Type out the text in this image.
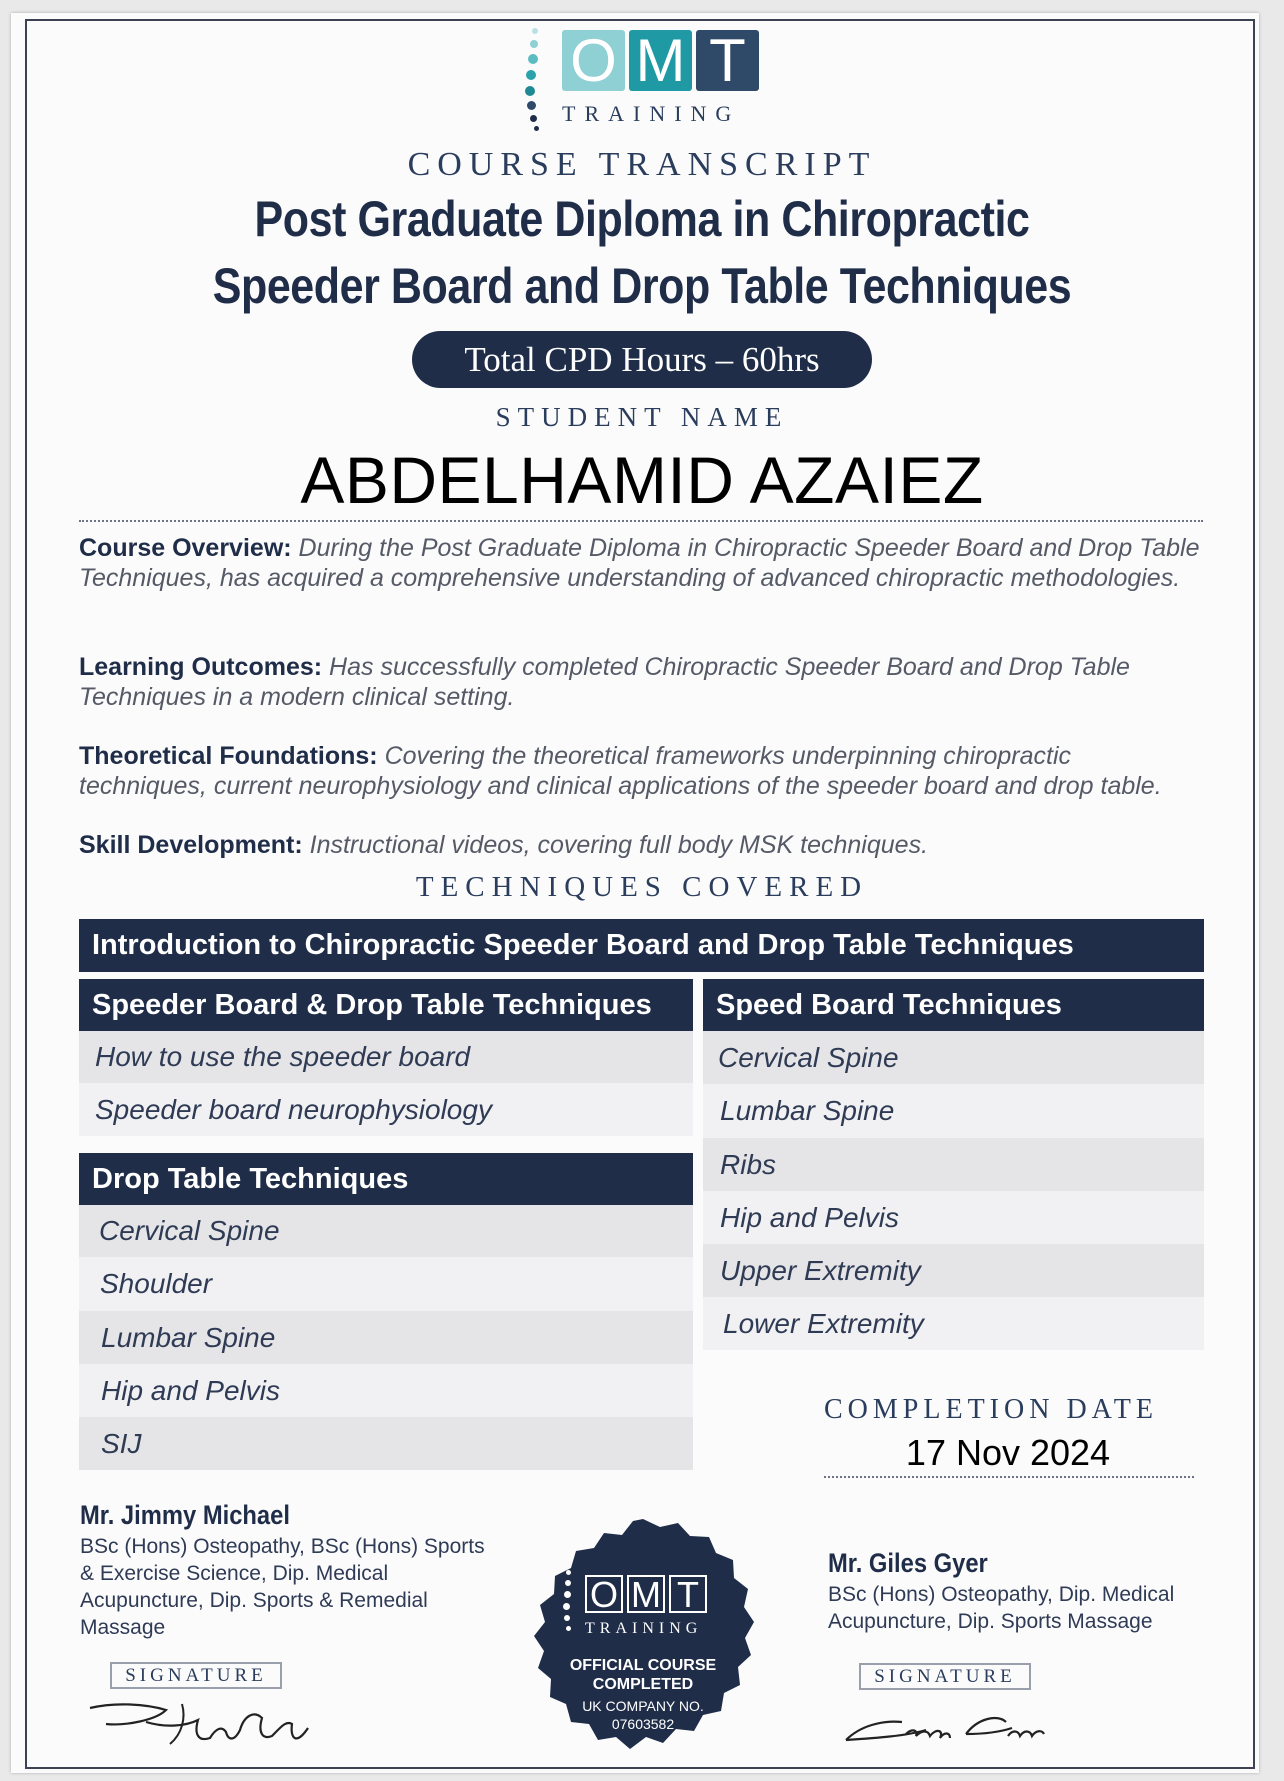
O M T
TRAINING
COURSE TRANSCRIPT
Post Graduate Diploma in Chiropractic
Speeder Board and Drop Table Techniques
Total CPD Hours – 60hrs
STUDENT NAME
ABDELHAMID AZAIEZ
Course Overview: During the Post Graduate Diploma in Chiropractic Speeder Board and Drop Table Techniques, has acquired a comprehensive understanding of advanced chiropractic methodologies.
Learning Outcomes: Has successfully completed Chiropractic Speeder Board and Drop Table Techniques in a modern clinical setting.
Theoretical Foundations: Covering the theoretical frameworks underpinning chiropractic techniques, current neurophysiology and clinical applications of the speeder board and drop table.
Skill Development: Instructional videos, covering full body MSK techniques.
TECHNIQUES COVERED
Introduction to Chiropractic Speeder Board and Drop Table Techniques
Speeder Board & Drop Table Techniques
How to use the speeder board
Speeder board neurophysiology
Drop Table Techniques
Cervical Spine
Shoulder
Lumbar Spine
Hip and Pelvis
SIJ
Speed Board Techniques
Cervical Spine
Lumbar Spine
Ribs
Hip and Pelvis
Upper Extremity
Lower Extremity
COMPLETION DATE
17 Nov 2024
Mr. Jimmy Michael
BSc (Hons) Osteopathy, BSc (Hons) Sports & Exercise Science, Dip. Medical Acupuncture, Dip. Sports & Remedial Massage
SIGNATURE
O M T
TRAINING
OFFICIAL COURSE
COMPLETED
UK COMPANY NO.
07603582
Mr. Giles Gyer
BSc (Hons) Osteopathy, Dip. Medical Acupuncture, Dip. Sports Massage
SIGNATURE
